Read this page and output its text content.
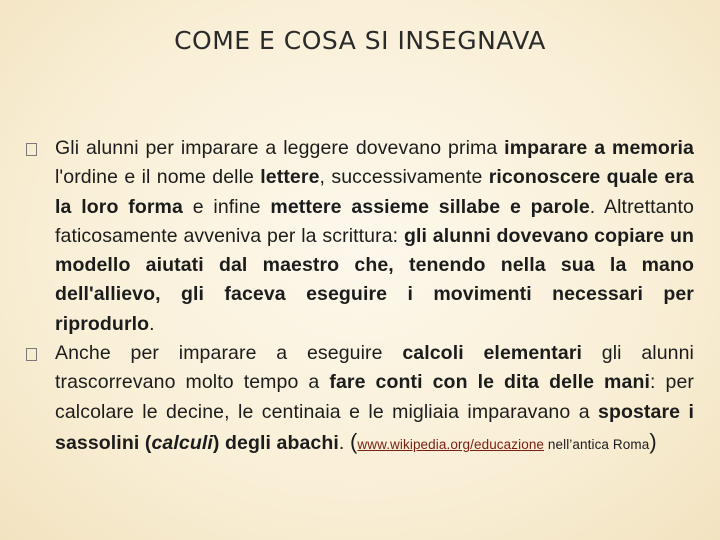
COME E COSA SI INSEGNAVA

Gli alunni per imparare a leggere dovevano prima imparare a memoria l'ordine e il nome delle lettere, successivamente riconoscere quale era la loro forma e infine mettere assieme sillabe e parole. Altrettanto faticosamente avveniva per la scrittura: gli alunni dovevano copiare un modello aiutati dal maestro che, tenendo nella sua la mano dell'allievo, gli faceva eseguire i movimenti necessari per riprodurlo.

Anche per imparare a eseguire calcoli elementari gli alunni trascorrevano molto tempo a fare conti con le dita delle mani: per calcolare le decine, le centinaia e le migliaia imparavano a spostare i sassolini (calculi) degli abachi. (www.wikipedia.org/educazione nell’antica Roma)
